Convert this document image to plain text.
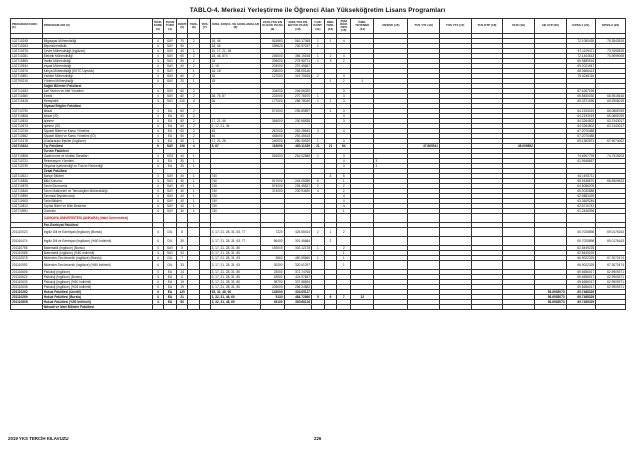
TABLO-4. Merkezi Yerleştirme ile Öğrenci Alan Yükseköğretim Lisans Programları
PROGRAM KODU (1)	PROGRAM ADI (2)	ÖĞR. SÜRE (3)	PUAN TÜRÜ (4)	KONT. (5)	YERL. (6)	YKS. (7)	ÖZEL KOŞUL VE AÇIKLAMALAR (8)	2018-YKS EN KÜÇÜK PUAN (9)	2018-YKS EN BÜYÜK PUAN (10)	Y.OK. KONT. (11)	OBK. YERL. (12)	2018 ÖĞR. OKS (13)	ÖZEL YETENEK (14)	ARSİVE (15)	TUS YT1 (16)	TUS YT2 (17)	TUS KTP (18)	DUS (19)	AB AYP (20)	KPSS-1 (21)	KPSS-2 (22)

102710245	Bilgisayar Mühendisliği	4	SAY	70	2		18, 46	515583	540.17368	1	1	4								72.1080435	75.3543519
102710263	Biyomühendislik	4	SAY	50			18, 46	339620	230.97037	1											
102710376	Çevre Mühendisliği (İngilizce)	4	SAY	40	1		10, 17, 21, 28													67.1109471	73.7690819
102710281	Elektrik Mühendisliği	4	SAY	60	2		18, 46, 874	245000	356.19158	1	2	4								72.1404613	70.9099008
102710869	Harita Mühendisliği	4	SAY	50	2		18	205000	275.98771	1	3	2								69.9889516	
102710534	İnşaat Mühendisliği	4	SAY	40	2		2, 18	203000	237.49667											69.2021547	
102710576	Kimya Mühendisliği (KKTC Uyruklu)	4	SAY		1		18, 18	208000	258.05146											68.0666413	
102710891	Yazılım Mühendisliği	4	SAY	60	2		18	127000	319.70616	2		3								76.6246116	
102790219	Yöntem Mühendisliği	4	SAY	20	1		18				1	2	1								
	Sağlık Bilimleri Fakültesi																				
102710183	Acil Yardım ve Afet Yönetimi	4	SAY	60	2			304000	246.66330			3								67.4267196	
102710360	Ebelik	4	SAY	60	2		36, 76, 87	222000	270.76670	1		3								69.8450030	68.9515616
102710428	Hemşirelik	4	SAY	130	4		36	177000	286.78040	1	1	3								69.3371095	69.2906019
	Siyasal Bilgiler Fakültesi																				
102710790	İktisat	4	EA	60	2			571000	235.69897		1	3								64.2193019	65.0865769
102710808	İktisat (İÖ)	4	EA	50	2							3								64.2193019	65.0865769
102710815	İşletme	4	EA	60	2		17, 21, 46	364000	230.66838			3								64.3264802	63.7443017
102710673	İşletme (İÖ)	4	EA	60	2		2, 17, 21, 46													64.3264802	63.7443017
102710745	Siyaset Bilimi ve Kamu Yönetimi	4	EA	60	2		46	267000	262.28640	3		4								67.2070488	
102710562	Siyaset Bilimi ve Kamu Yönetimi (İÖ)	4	EA	50	2		46	445000	292.45615											67.2070488	
102710178	Uluslararası İlişkiler (İngilizce)	4	EA	40	1		17, 21, 28	240000	280.40620	1		3								69.1382873	67.9074002
102710324	Tıp Fakültesi	6	SAY	156	4		5, 87	118000	480.11330	21	21	84			47.865511			48.009852			
	Turizm Fakültesi																				
102710808	Gastronomi ve Mutfak Sanatları	4	SÖZ	40	1			516000	254.02888	1		3								74.6907739	74.7319203
102710721	Rekreasyon Yönetimi	4	EA	30	1							4		3						61.9548657	
102710739	Seyahat İşletmeciliği ve Turizm Rehberliği	4	EA	30	1							3		3							
	Ziraat Fakültesi																				
102710521	Bahçe Bitkileri	4	SAY	40	1		740				5	5								64.1693711	
102710836	Bitki Koruma	4	SAY	40	1		740	517000	244.09280	6		1								65.9158670	68.9509523
102710878	Tarım Ekonomisi	4	SAY	40	1		740	574000	235.45827	2		2								64.6086209	
102710845	Tarım Makineleri ve Teknolojileri Mühendisliği	4	SAY	40	1		740	374000	230.93690	4		2								65.0030888	
102710890	Tarımsal Biyoteknoloji	4	SAY	40	1		740					4								62.9883439	
102710605	Tarla Bitkileri	4	SAY	40	1		740					4								63.3609246	
102710812	Toprak Bilimi ve Bitki Besleme	4	SAY	40	1		740					4								62.6710742	
102710591	Zootekni	4	SAY	30	1		740					1								61.2446096	
	ÇANKAYA ÜNİVERSİTESİ (ANKARA) (Vakıf Üniversitesi)																				
	Fen-Edebiyat Fakültesi																				
201110023	İngiliz Dili ve Edebiyatı (İngilizce) (Burslu)	4	DİL	5			3, 17, 21, 28, 31, 63, 77	7220	425.65414	2	1	2								60.7025898	69.0176163
201110474	İngiliz Dili ve Edebiyatı (İngilizce) (%50 İndirimli)	4	DİL	30			3, 17, 21, 28, 31, 63, 77	56400	301.45684		2									60.7025898	69.0176163
201110756	Matematik (İngilizce) (Burslu)	4	SAY	5			3, 17, 21, 28, 31, 80	153000	302.12178	1		2								62.8449225	
201110585	Matematik (İngilizce) (%50 İndirimli)	4	SAY	33			3, 17, 21, 28, 31, 80					1								62.8449225	
201110578	Mütercim-Tercümanlık (İngilizce) (Burslu)	4	DİL	7			3, 17, 21, 28, 31, 63	3660	450.55660	1		1								66.9022325	67.3072474
201110592	Mütercim-Tercümanlık (İngilizce) (%50 İndirimli)	4	DİL	33			3, 17, 21, 28, 31, 63	30200	320.61297			1								66.9022325	67.3072474
201110606	Psikoloji (İngilizce)	4	EA	14			3, 17, 21, 28, 31, 80	23000	372.74768											69.6656017	62.9909371
201110624	Psikoloji (İngilizce) (Burslu)	4	EA	6			3, 17, 21, 28, 31, 80	18900	424.97657											69.6656017	62.9909371
201110633	Psikoloji (İngilizce) (%50 İndirimli)	4	EA	19			3, 17, 21, 28, 31, 80	98700	337.58694											69.6656017	62.9909371
201110645	Psikoloji (İngilizce) (%25 İndirimli)	4	EA	19			3, 17, 21, 28, 31, 80	203000	256.24582											69.6656017	62.9909371
201110262	Hukuk Fakültesi (Ücretli)	4	EA	125			53, 31, 48, 60	143000	333.05117										56.6935073	69.7488329	
201110269	Hukuk Fakültesi (Burslu)	4	EA	21			3, 32, 31, 48, 60	5130	484.72980	5	6	7	12						56.6935073	69.7488329	
201110808	Hukuk Fakültesi (%50 İndirimli)	4	EA	50			3, 32, 31, 48, 60	45100	380.66116										56.6935073	69.7488329	
	İktisadi ve İdari Bilimler Fakültesi																				
2019 YKS TERCİH KILAVUZU	226
